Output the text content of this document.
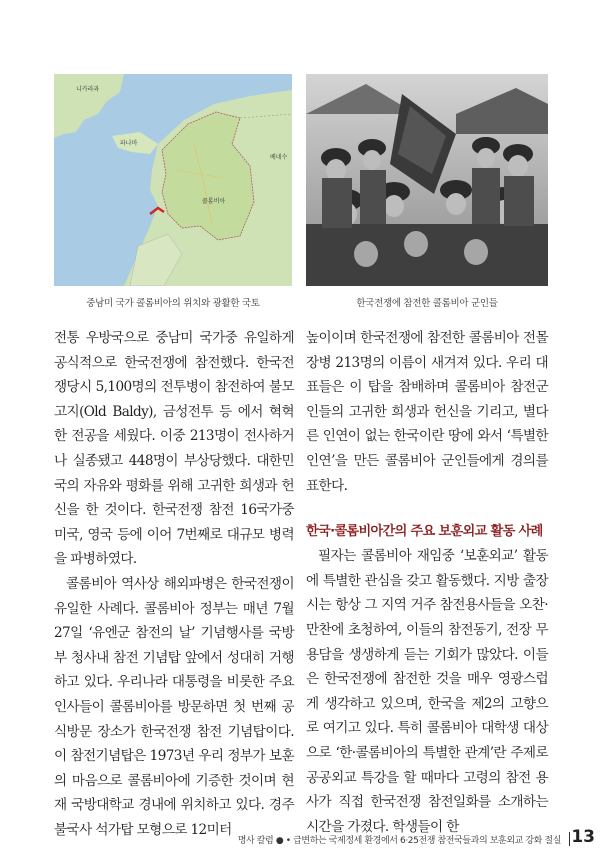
니카라과
파나마
콜롬비아
베네수
중남미 국가 콜롬비아의 위치와 광활한 국토	한국전쟁에 참전한 콜롬비아 군인들

전통 우방국으로 중남미 국가중 유일하게 공식적으로 한국전쟁에 참전했다. 한국전쟁당시 5,100명의 전투병이 참전하여 불모고지(Old Baldy), 금성전투 등 에서 혁혁한 전공을 세웠다. 이중 213명이 전사하거나 실종됐고 448명이 부상당했다. 대한민국의 자유와 평화를 위해 고귀한 희생과 헌신을 한 것이다. 한국전쟁 참전 16국가중 미국, 영국 등에 이어 7번째로 대규모 병력을 파병하였다.

콜롬비아 역사상 해외파병은 한국전쟁이 유일한 사례다. 콜롬비아 정부는 매년 7월 27일 ‘유엔군 참전의 날’ 기념행사를 국방부 청사내 참전 기념탑 앞에서 성대히 거행하고 있다. 우리나라 대통령을 비롯한 주요 인사들이 콜롬비아를 방문하면 첫 번째 공식방문 장소가 한국전쟁 참전 기념탑이다. 이 참전기념탑은 1973년 우리 정부가 보훈의 마음으로 콜롬비아에 기증한 것이며 현재 국방대학교 경내에 위치하고 있다. 경주 불국사 석가탑 모형으로 12미터

높이이며 한국전쟁에 참전한 콜롬비아 전몰장병 213명의 이름이 새겨져 있다. 우리 대표들은 이 탑을 참배하며 콜롬비아 참전군인들의 고귀한 희생과 헌신을 기리고, 별다른 인연이 없는 한국이란 땅에 와서 ‘특별한 인연’을 만든 콜롬비아 군인들에게 경의를 표한다.

한국·콜롬비아간의 주요 보훈외교 활동 사례

필자는 콜롬비아 재임중 ‘보훈외교’ 활동에 특별한 관심을 갖고 활동했다. 지방 출장시는 항상 그 지역 거주 참전용사들을 오찬·만찬에 초청하여, 이들의 참전동기, 전장 무용담을 생생하게 듣는 기회가 많았다. 이들은 한국전쟁에 참전한 것을 매우 영광스럽게 생각하고 있으며, 한국을 제2의 고향으로 여기고 있다. 특히 콜롬비아 대학생 대상으로 ‘한·콜롬비아의 특별한 관계’란 주제로 공공외교 특강을 할 때마다 고령의 참전 용사가 직접 한국전쟁 참전일화를 소개하는 시간을 가졌다. 학생들이 한

명사 칼럼 ● • 급변하는 국제정세 환경에서 6·25전쟁 참전국들과의 보훈외교 강화 절실 13
